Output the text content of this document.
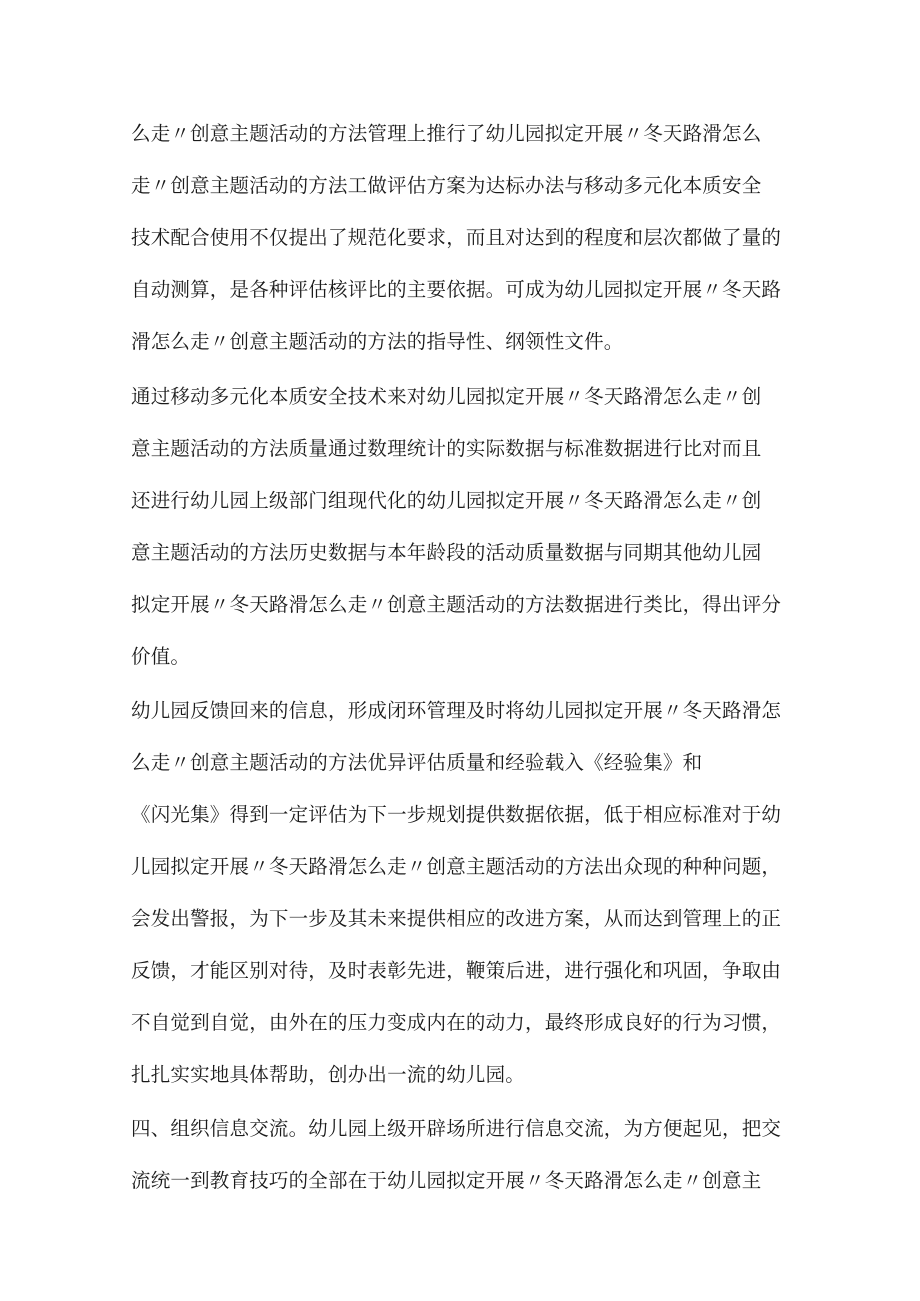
么走〃创意主题活动的方法管理上推行了幼儿园拟定开展〃冬天路滑怎么
走〃创意主题活动的方法工做评估方案为达标办法与移动多元化本质安全
技术配合使用不仅提出了规范化要求，而且对达到的程度和层次都做了量的
自动测算，是各种评估核评比的主要依据。可成为幼儿园拟定开展〃冬天路
滑怎么走〃创意主题活动的方法的指导性、纲领性文件。
通过移动多元化本质安全技术来对幼儿园拟定开展〃冬天路滑怎么走〃创
意主题活动的方法质量通过数理统计的实际数据与标准数据进行比对而且
还进行幼儿园上级部门组现代化的幼儿园拟定开展〃冬天路滑怎么走〃创
意主题活动的方法历史数据与本年龄段的活动质量数据与同期其他幼儿园
拟定开展〃冬天路滑怎么走〃创意主题活动的方法数据进行类比，得出评分
价值。
幼儿园反馈回来的信息，形成闭环管理及时将幼儿园拟定开展〃冬天路滑怎
么走〃创意主题活动的方法优异评估质量和经验载入《经验集》和
《闪光集》得到一定评估为下一步规划提供数据依据，低于相应标准对于幼
儿园拟定开展〃冬天路滑怎么走〃创意主题活动的方法出众现的种种问题，
会发出警报，为下一步及其未来提供相应的改进方案，从而达到管理上的正
反馈，才能区别对待，及时表彰先进，鞭策后进，进行强化和巩固，争取由
不自觉到自觉，由外在的压力变成内在的动力，最终形成良好的行为习惯，
扎扎实实地具体帮助，创办出一流的幼儿园。
四、组织信息交流。幼儿园上级开辟场所进行信息交流，为方便起见，把交
流统一到教育技巧的全部在于幼儿园拟定开展〃冬天路滑怎么走〃创意主
